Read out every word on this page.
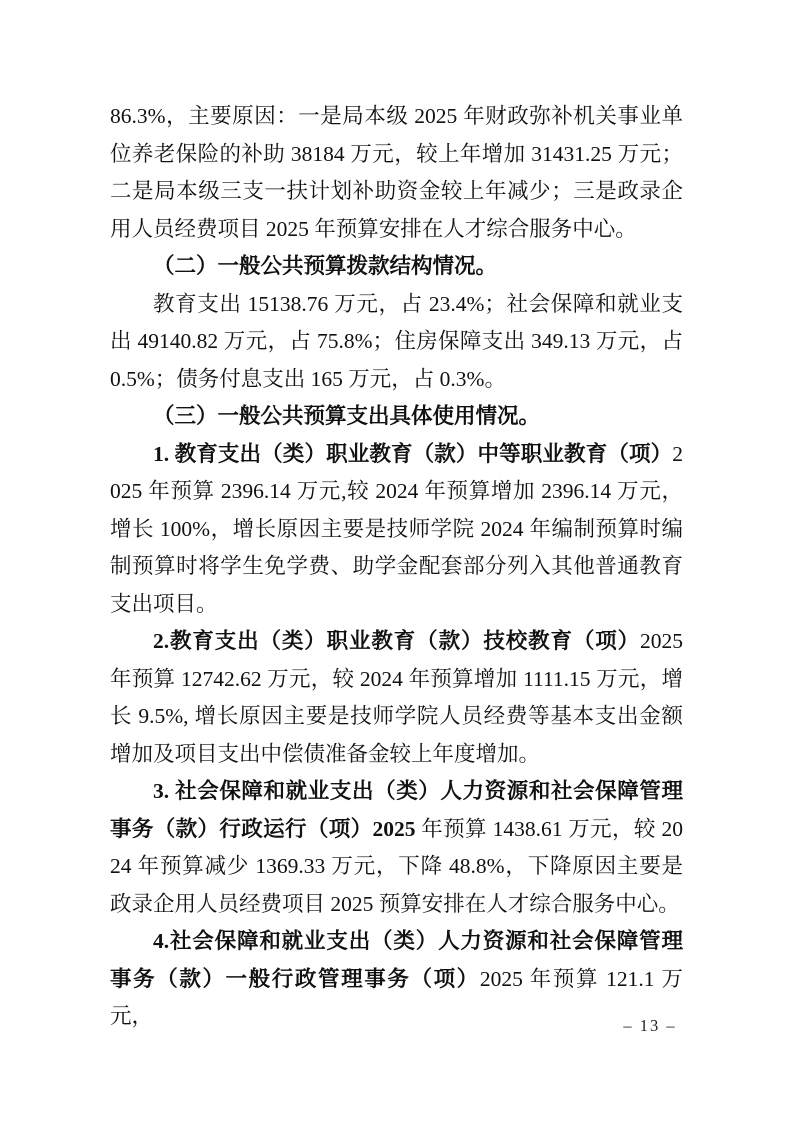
86.3%，主要原因：一是局本级 2025 年财政弥补机关事业单位养老保险的补助 38184 万元，较上年增加 31431.25 万元；二是局本级三支一扶计划补助资金较上年减少；三是政录企用人员经费项目 2025 年预算安排在人才综合服务中心。

（二）一般公共预算拨款结构情况。

教育支出 15138.76 万元，占 23.4%；社会保障和就业支出 49140.82 万元，占 75.8%；住房保障支出 349.13 万元，占 0.5%；债务付息支出 165 万元，占 0.3%。

（三）一般公共预算支出具体使用情况。

1. 教育支出（类）职业教育（款）中等职业教育（项）2025 年预算 2396.14 万元,较 2024 年预算增加 2396.14 万元，增长 100%，增长原因主要是技师学院 2024 年编制预算时编制预算时将学生免学费、助学金配套部分列入其他普通教育支出项目。

2.教育支出（类）职业教育（款）技校教育（项）2025 年预算 12742.62 万元，较 2024 年预算增加 1111.15 万元，增长 9.5%, 增长原因主要是技师学院人员经费等基本支出金额增加及项目支出中偿债准备金较上年度增加。

3. 社会保障和就业支出（类）人力资源和社会保障管理事务（款）行政运行（项）2025 年预算 1438.61 万元，较 2024 年预算减少 1369.33 万元，下降 48.8%，下降原因主要是政录企用人员经费项目 2025 预算安排在人才综合服务中心。

4.社会保障和就业支出（类）人力资源和社会保障管理事务（款）一般行政管理事务（项）2025 年预算 121.1 万元，	– 13 –
